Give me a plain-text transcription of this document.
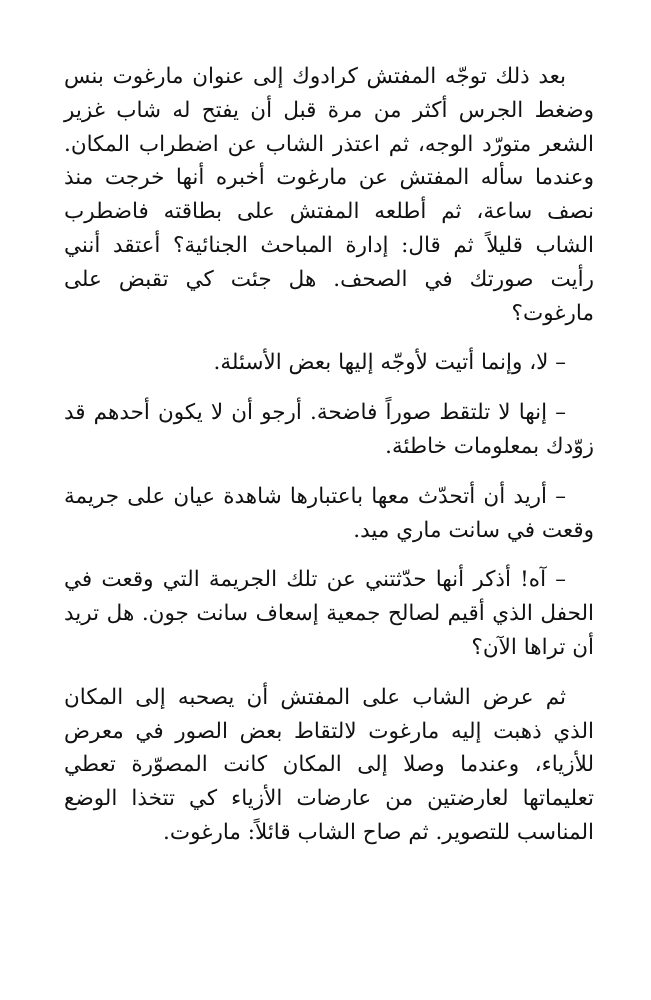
بعد ذلك توجّه المفتش كرادوك إلى عنوان مارغوت بنس وضغط الجرس أكثر من مرة قبل أن يفتح له شاب غزير الشعر متورّد الوجه، ثم اعتذر الشاب عن اضطراب المكان. وعندما سأله المفتش عن مارغوت أخبره أنها خرجت منذ نصف ساعة، ثم أطلعه المفتش على بطاقته فاضطرب الشاب قليلاً ثم قال: إدارة المباحث الجنائية؟ أعتقد أنني رأيت صورتك في الصحف. هل جئت كي تقبض على مارغوت؟

– لا، وإنما أتيت لأوجّه إليها بعض الأسئلة.

– إنها لا تلتقط صوراً فاضحة. أرجو أن لا يكون أحدهم قد زوّدك بمعلومات خاطئة.

– أريد أن أتحدّث معها باعتبارها شاهدة عيان على جريمة وقعت في سانت ماري ميد.

– آه! أذكر أنها حدّثتني عن تلك الجريمة التي وقعت في الحفل الذي أقيم لصالح جمعية إسعاف سانت جون. هل تريد أن تراها الآن؟

ثم عرض الشاب على المفتش أن يصحبه إلى المكان الذي ذهبت إليه مارغوت لالتقاط بعض الصور في معرض للأزياء، وعندما وصلا إلى المكان كانت المصوّرة تعطي تعليماتها لعارضتين من عارضات الأزياء كي تتخذا الوضع المناسب للتصوير. ثم صاح الشاب قائلاً: مارغوت.
